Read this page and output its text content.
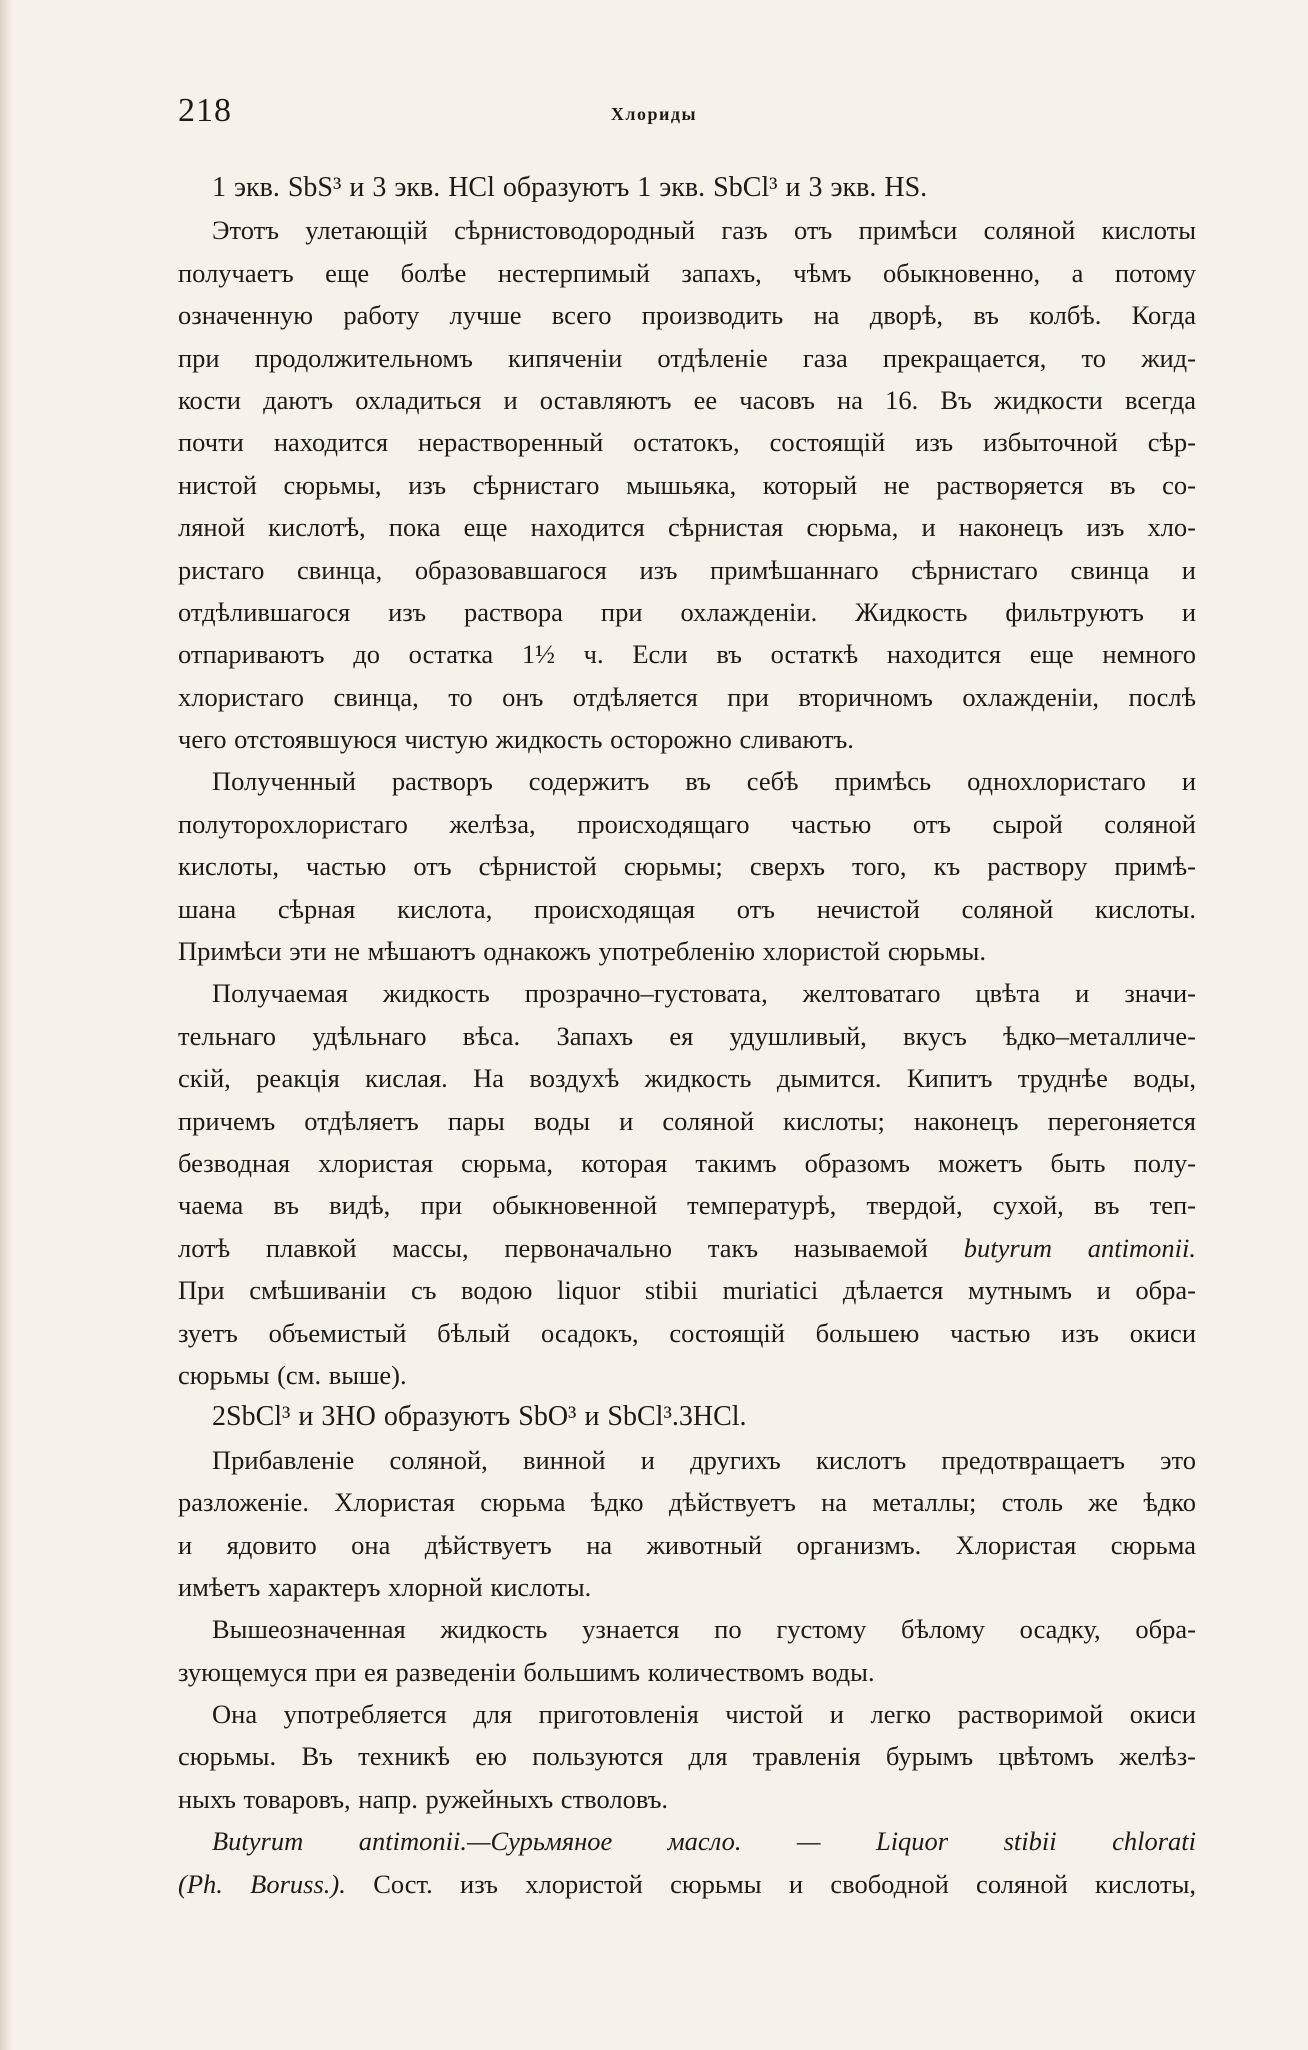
218	Хлориды
1 экв. SbS³ и 3 экв. HCl образуютъ 1 экв. SbCl³ и 3 экв. HS.
Этотъ улетающій сѣрнистоводородный газъ отъ примѣси соляной кислоты
получаетъ еще болѣе нестерпимый запахъ, чѣмъ обыкновенно, а потому
означенную работу лучше всего производить на дворѣ, въ колбѣ. Когда
при продолжительномъ кипяченіи отдѣленіе газа прекращается, то жид-
кости даютъ охладиться и оставляютъ ее часовъ на 16. Въ жидкости всегда
почти находится нерастворенный остатокъ, состоящій изъ избыточной сѣр-
нистой сюрьмы, изъ сѣрнистаго мышьяка, который не растворяется въ со-
ляной кислотѣ, пока еще находится сѣрнистая сюрьма, и наконецъ изъ хло-
ристаго свинца, образовавшагося изъ примѣшаннаго сѣрнистаго свинца и
отдѣлившагося изъ раствора при охлажденіи. Жидкость фильтруютъ и
отпариваютъ до остатка 1½ ч. Если въ остаткѣ находится еще немного
хлористаго свинца, то онъ отдѣляется при вторичномъ охлажденіи, послѣ
чего отстоявшуюся чистую жидкость осторожно сливаютъ.
Полученный растворъ содержитъ въ себѣ примѣсь однохлористаго и
полуторохлористаго желѣза, происходящаго частью отъ сырой соляной
кислоты, частью отъ сѣрнистой сюрьмы; сверхъ того, къ раствору примѣ-
шана сѣрная кислота, происходящая отъ нечистой соляной кислоты.
Примѣси эти не мѣшаютъ однакожъ употребленію хлористой сюрьмы.
Получаемая жидкость прозрачно–густовата, желтоватаго цвѣта и значи-
тельнаго удѣльнаго вѣса. Запахъ ея удушливый, вкусъ ѣдко–металличе-
скій, реакція кислая. На воздухѣ жидкость дымится. Кипитъ труднѣе воды,
причемъ отдѣляетъ пары воды и соляной кислоты; наконецъ перегоняется
безводная хлористая сюрьма, которая такимъ образомъ можетъ быть полу-
чаема въ видѣ, при обыкновенной температурѣ, твердой, сухой, въ теп-
лотѣ плавкой массы, первоначально такъ называемой butyrum antimonii.
При смѣшиваніи съ водою liquor stibii muriatici дѣлается мутнымъ и обра-
зуетъ объемистый бѣлый осадокъ, состоящій большею частью изъ окиси
сюрьмы (см. выше).
2SbCl³ и 3HO образуютъ SbO³ и SbCl³.3HCl.
Прибавленіе соляной, винной и другихъ кислотъ предотвращаетъ это
разложеніе. Хлористая сюрьма ѣдко дѣйствуетъ на металлы; столь же ѣдко
и ядовито она дѣйствуетъ на животный организмъ. Хлористая сюрьма
имѣетъ характеръ хлорной кислоты.
Вышеозначенная жидкость узнается по густому бѣлому осадку, обра-
зующемуся при ея разведеніи большимъ количествомъ воды.
Она употребляется для приготовленія чистой и легко растворимой окиси
сюрьмы. Въ техникѣ ею пользуются для травленія бурымъ цвѣтомъ желѣз-
ныхъ товаровъ, напр. ружейныхъ стволовъ.
Butyrum antimonii.—Сурьмяное масло. — Liquor stibii chlorati
(Ph. Boruss.). Сост. изъ хлористой сюрьмы и свободной соляной кислоты,
